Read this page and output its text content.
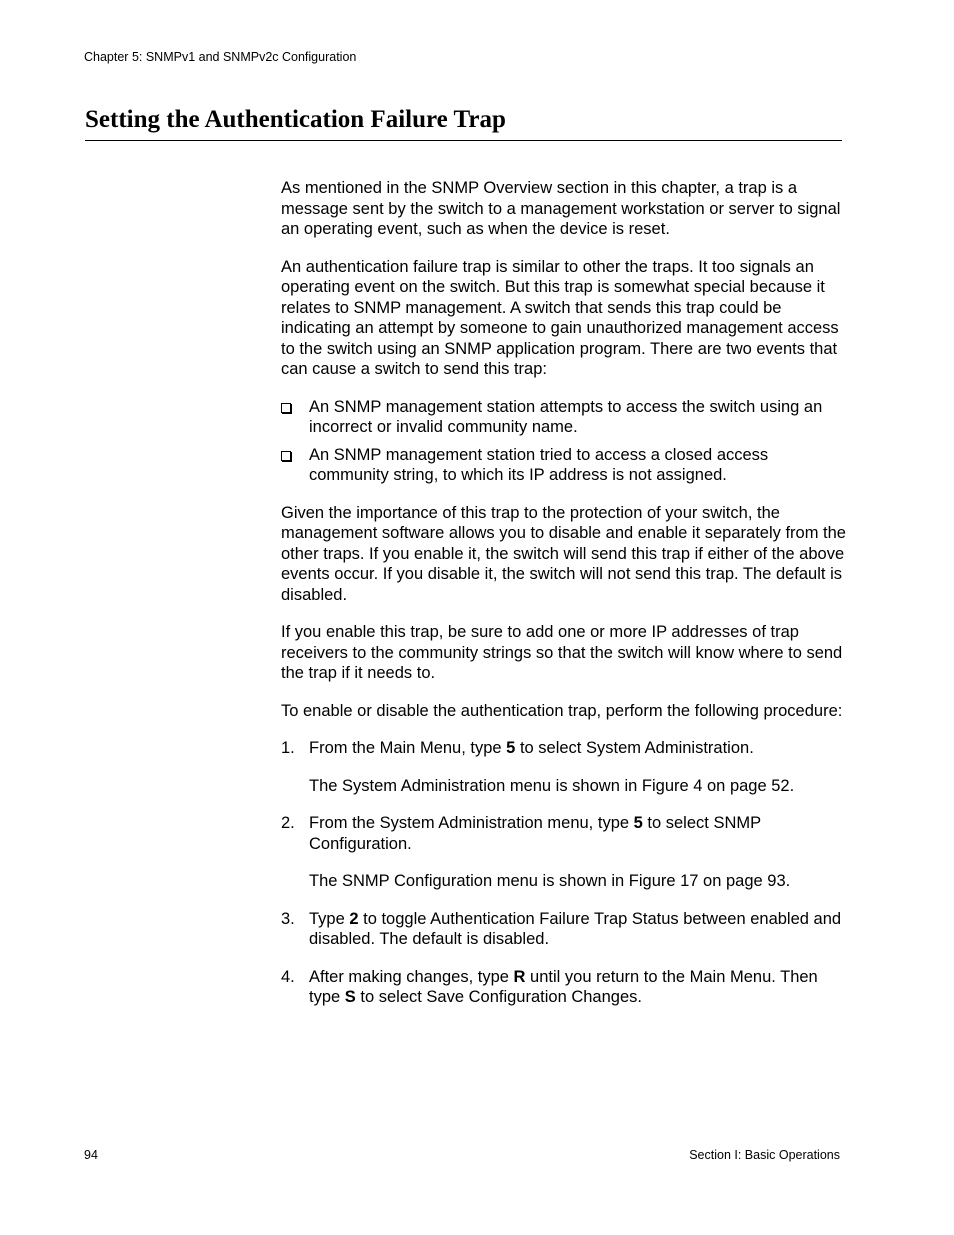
Chapter 5: SNMPv1 and SNMPv2c Configuration
Setting the Authentication Failure Trap

As mentioned in the SNMP Overview section in this chapter, a trap is a message sent by the switch to a management workstation or server to signal an operating event, such as when the device is reset.

An authentication failure trap is similar to other the traps. It too signals an operating event on the switch. But this trap is somewhat special because it relates to SNMP management. A switch that sends this trap could be indicating an attempt by someone to gain unauthorized management access to the switch using an SNMP application program. There are two events that can cause a switch to send this trap:

An SNMP management station attempts to access the switch using an incorrect or invalid community name.
An SNMP management station tried to access a closed access community string, to which its IP address is not assigned.

Given the importance of this trap to the protection of your switch, the management software allows you to disable and enable it separately from the other traps. If you enable it, the switch will send this trap if either of the above events occur. If you disable it, the switch will not send this trap. The default is disabled.

If you enable this trap, be sure to add one or more IP addresses of trap receivers to the community strings so that the switch will know where to send the trap if it needs to.

To enable or disable the authentication trap, perform the following procedure:

1. From the Main Menu, type 5 to select System Administration.
The System Administration menu is shown in Figure 4 on page 52.
2. From the System Administration menu, type 5 to select SNMP Configuration.
The SNMP Configuration menu is shown in Figure 17 on page 93.
3. Type 2 to toggle Authentication Failure Trap Status between enabled and disabled. The default is disabled.
4. After making changes, type R until you return to the Main Menu. Then type S to select Save Configuration Changes.
94	Section I: Basic Operations
